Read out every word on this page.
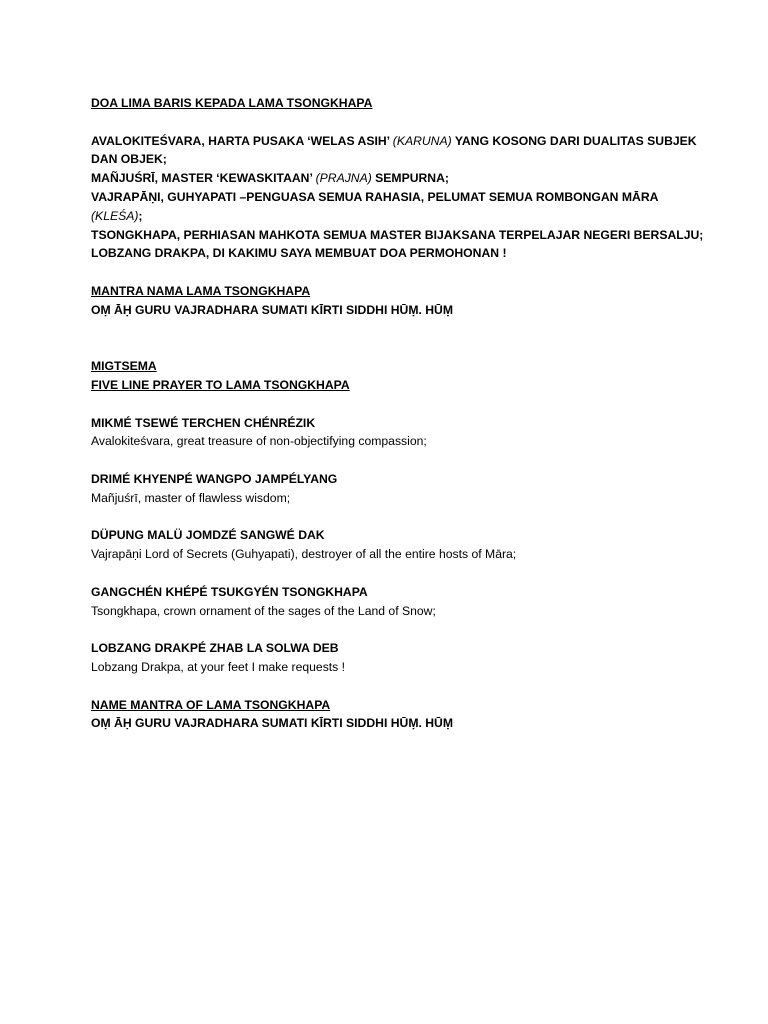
DOA LIMA BARIS KEPADA LAMA TSONGKHAPA
AVALOKITEŚVARA, HARTA PUSAKA ‘WELAS ASIH’ (KARUNA) YANG KOSONG DARI DUALITAS SUBJEK
DAN OBJEK;
MAÑJUŚRĪ, MASTER ‘KEWASKITAAN’ (PRAJNA) SEMPURNA;
VAJRAPĀṆI, GUHYAPATI –PENGUASA SEMUA RAHASIA, PELUMAT SEMUA ROMBONGAN MĀRA
(KLEŚA);
TSONGKHAPA, PERHIASAN MAHKOTA SEMUA MASTER BIJAKSANA TERPELAJAR NEGERI BERSALJU;
LOBZANG DRAKPA, DI KAKIMU SAYA MEMBUAT DOA PERMOHONAN !
MANTRA NAMA LAMA TSONGKHAPA
OṂ ĀḤ GURU VAJRADHARA SUMATI KĪRTI SIDDHI HŪṂ. HŪṂ
MIGTSEMA
FIVE LINE PRAYER TO LAMA TSONGKHAPA
MIKMÉ TSEWÉ TERCHEN CHÉNRÉZIK
Avalokiteśvara, great treasure of non-objectifying compassion;
DRIMÉ KHYENPÉ WANGPO JAMPÉLYANG
Mañjuśrī, master of flawless wisdom;
DÜPUNG MALÜ JOMDZÉ SANGWÉ DAK
Vajrapāṇi Lord of Secrets (Guhyapati), destroyer of all the entire hosts of Māra;
GANGCHÉN KHÉPÉ TSUKGYÉN TSONGKHAPA
Tsongkhapa, crown ornament of the sages of the Land of Snow;
LOBZANG DRAKPÉ ZHAB LA SOLWA DEB
Lobzang Drakpa, at your feet I make requests !
NAME MANTRA OF LAMA TSONGKHAPA
OṂ ĀḤ GURU VAJRADHARA SUMATI KĪRTI SIDDHI HŪṂ. HŪṂ
